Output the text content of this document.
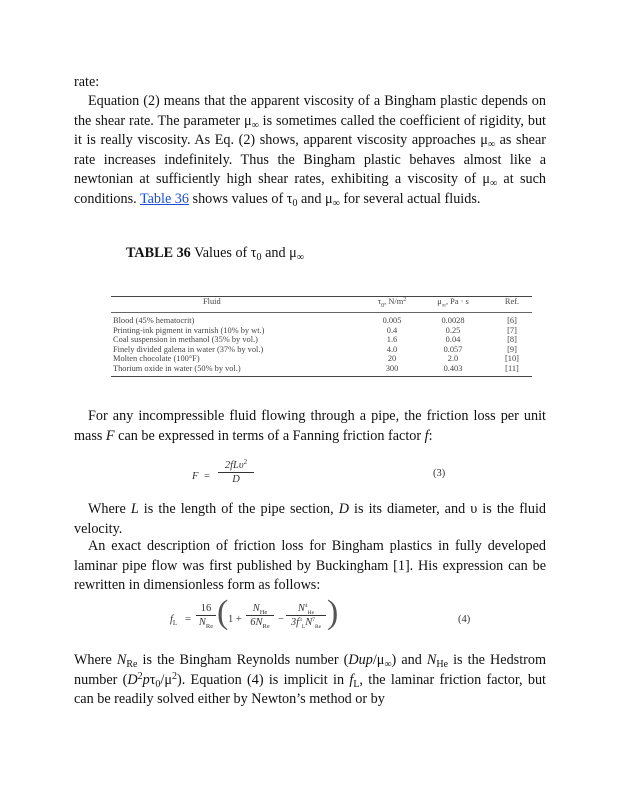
rate:

Equation (2) means that the apparent viscosity of a Bingham plastic depends on the shear rate. The parameter $\mu_\infty$ is sometimes called the coefficient of rigidity, but it is really viscosity. As Eq. (2) shows, apparent viscosity approaches $\mu_\infty$ as shear rate increases indefinitely. Thus the Bingham plastic behaves almost like a newtonian at sufficiently high shear rates, exhibiting a viscosity of $\mu_\infty$ at such conditions. Table 36 shows values of $\tau_0$ and $\mu_\infty$ for several actual fluids.

TABLE 36 Values of $\tau_0$ and $\mu_\infty$
Fluid	$\tau_0$, $N/m^2$	$\mu_\infty$, Pa · s	Ref.
Blood (45% hematocrit)	0.005	0.0028	[6]
Printing-ink pigment in varnish (10% by wt.)	0.4	0.25	[7]
Coal suspension in methanol (35% by vol.)	1.6	0.04	[8]
Finely divided galena in water (37% by vol.)	4.0	0.057	[9]
Molten chocolate (100°F)	20	2.0	[10]
Thorium oxide in water (50% by vol.)	300	0.403	[11]

For any incompressible fluid flowing through a pipe, the friction loss per unit mass F can be expressed in terms of a Fanning friction factor f:

F =
2fLυ$^2$
D
(3)

Where L is the length of the pipe section, D is its diameter, and υ is the fluid velocity.

An exact description of friction loss for Bingham plastics in fully developed laminar pipe flow was first published by Buckingham [1]. His expression can be rewritten in dimensionless form as follows:

$f_L$ =
16
$N_{Re}$ ( 1 +
$N_{He}$
$6N_{Re}$
−
$N^4_{He}$
$3f^3_LN^7_{Re}$ )	(4)

Where $N_{Re}$ is the Bingham Reynolds number $(Dup/\mu_\infty)$ and $N_{He}$ is the Hedstrom number $(D^2p\tau_0/\mu^2)$. Equation (4) is implicit in $f_L$, the laminar friction factor, but can be readily solved either by Newton’s method or by
